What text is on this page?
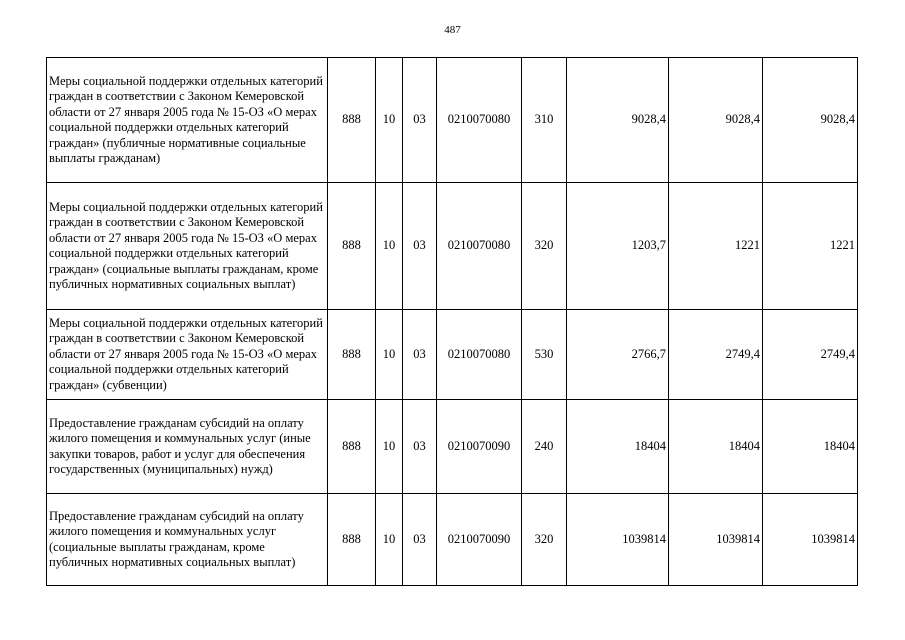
487
Меры социальной поддержки отдельных категорий граждан в соответствии с Законом Кемеровской области от 27 января 2005 года № 15-ОЗ «О мерах социальной поддержки отдельных категорий граждан» (публичные нормативные социальные выплаты гражданам)	888	10	03	0210070080	310	9028,4	9028,4	9028,4
Меры социальной поддержки отдельных категорий граждан в соответствии с Законом Кемеровской области от 27 января 2005 года № 15-ОЗ «О мерах социальной поддержки отдельных категорий граждан» (социальные выплаты гражданам, кроме публичных нормативных социальных выплат)	888	10	03	0210070080	320	1203,7	1221	1221
Меры социальной поддержки отдельных категорий граждан в соответствии с Законом Кемеровской области от 27 января 2005 года № 15-ОЗ «О мерах социальной поддержки отдельных категорий граждан» (субвенции)	888	10	03	0210070080	530	2766,7	2749,4	2749,4
Предоставление гражданам субсидий на оплату жилого помещения и коммунальных услуг (иные закупки товаров, работ и услуг для обеспечения государственных (муниципальных) нужд)	888	10	03	0210070090	240	18404	18404	18404
Предоставление гражданам субсидий на оплату жилого помещения и коммунальных услуг (социальные выплаты гражданам, кроме публичных нормативных социальных выплат)	888	10	03	0210070090	320	1039814	1039814	1039814
